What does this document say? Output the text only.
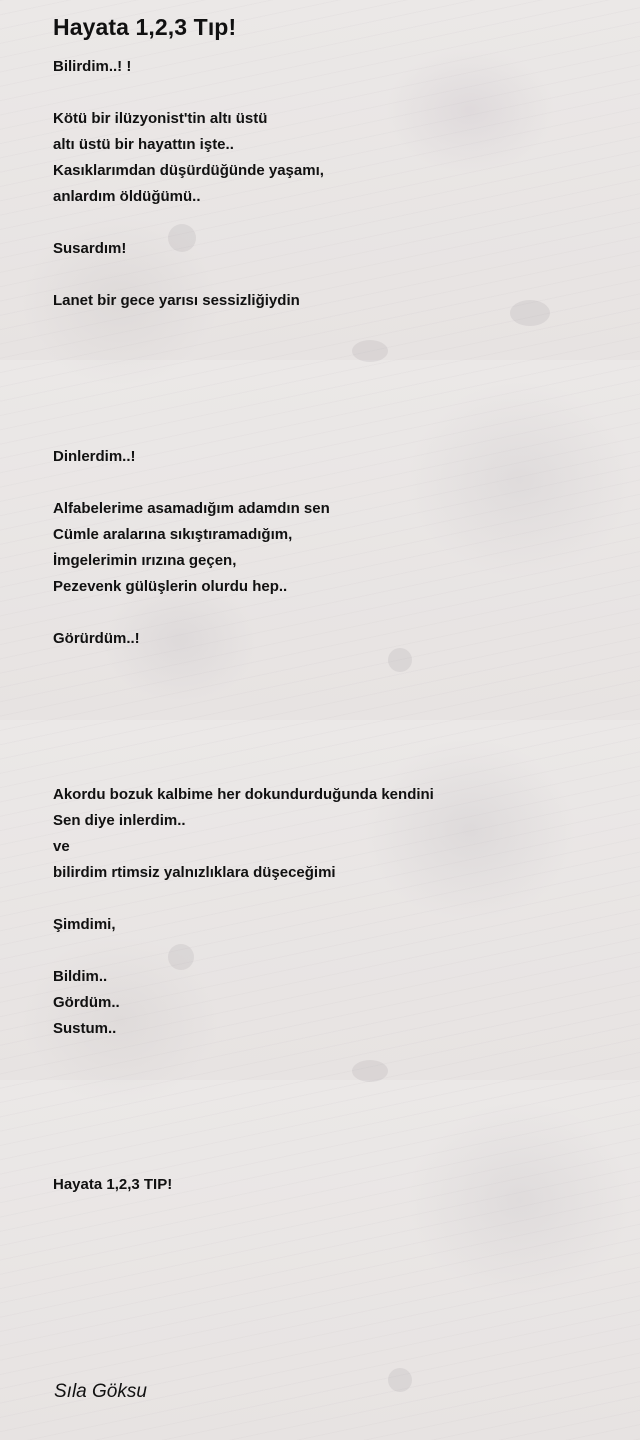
Hayata 1,2,3 Tıp!
Bilirdim..! !
Kötü bir ilüzyonist'tin altı üstü
altı üstü bir hayattın işte..
Kasıklarımdan düşürdüğünde yaşamı,
anlardım öldüğümü..
Susardım!
Lanet bir gece yarısı sessizliğiydin
Dinlerdim..!
Alfabelerime asamadığım adamdın sen
Cümle aralarına sıkıştıramadığım,
İmgelerimin ırızına geçen,
Pezevenk gülüşlerin olurdu hep..
Görürdüm..!
Akordu bozuk kalbime her dokundurduğunda kendini
Sen diye inlerdim..
ve
bilirdim rtimsiz yalnızlıklara düşeceğimi
Şimdimi,
Bildim..
Gördüm..
Sustum..
Hayata 1,2,3 TIP!
Sıla Göksu
